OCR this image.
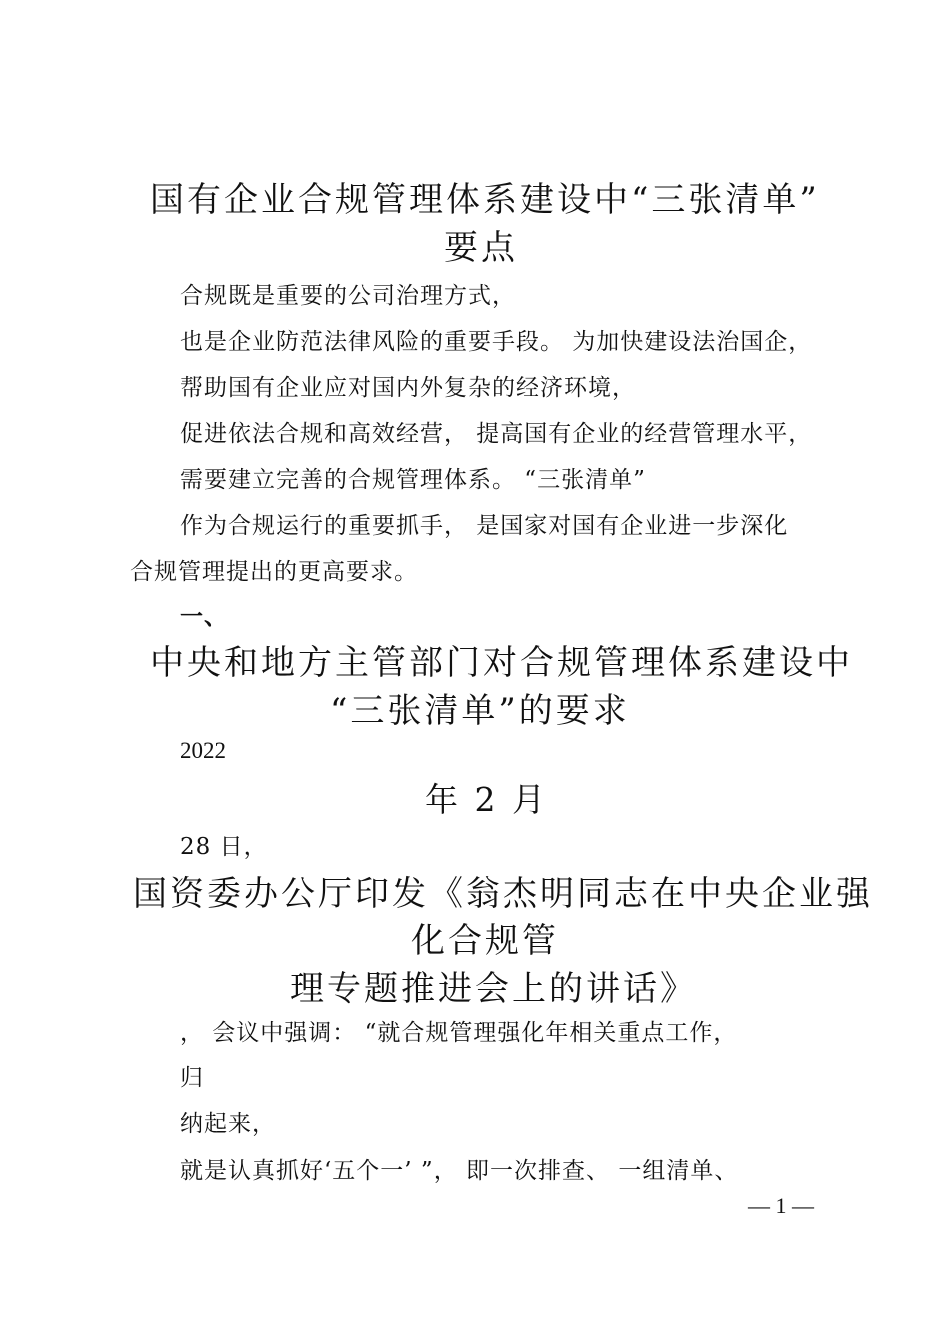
国有企业合规管理体系建设中“三张清单”
要点
合规既是重要的公司治理方式，
也是企业防范法律风险的重要手段。 为加快建设法治国企，
帮助国有企业应对国内外复杂的经济环境，
促进依法合规和高效经营， 提高国有企业的经营管理水平，
需要建立完善的合规管理体系。 “三张清单”
作为合规运行的重要抓手， 是国家对国有企业进一步深化
合规管理提出的更高要求。
一、
中央和地方主管部门对合规管理体系建设中
“三张清单”的要求
2022
年 2 月
28 日，
国资委办公厅印发《翁杰明同志在中央企业强
化合规管
理专题推进会上的讲话》
， 会议中强调： “就合规管理强化年相关重点工作，
归
纳起来，
就是认真抓好‘五个一’ ”， 即一次排查、 一组清单、
— 1 —
